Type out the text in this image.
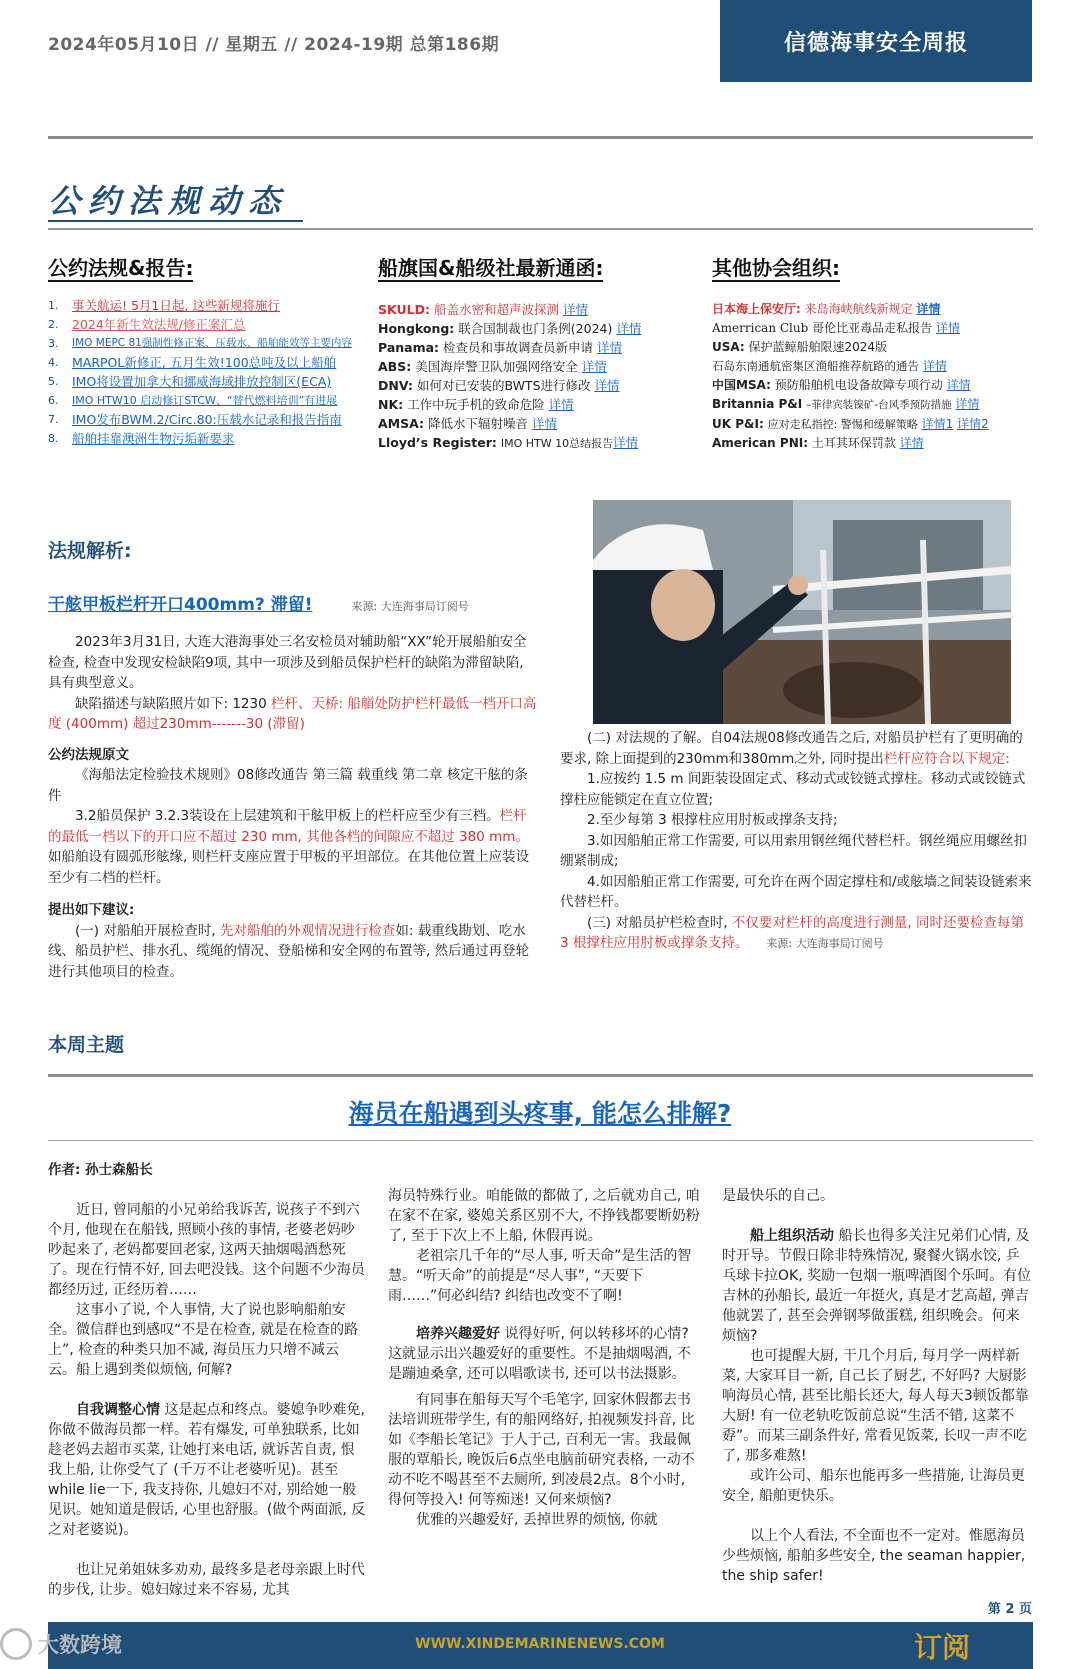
2024年05月10日 // 星期五 // 2024-19期 总第186期	信德海事安全周报
公约法规动态
公约法规&报告:
1.	事关航运! 5月1日起, 这些新规将施行
2.	2024年新生效法规/修正案汇总
3.	IMO MEPC 81强制性修正案、压载水、船舶能效等主要内容
4.	MARPOL新修正, 五月生效!100总吨及以上船舶
5.	IMO将设置加拿大和挪威海域排放控制区(ECA)
6.	IMO HTW10 启动修订STCW、“替代燃料培训”有进展
7.	IMO发布BWM.2/Circ.80:压载水记录和报告指南
8.	船舶挂靠澳洲生物污垢新要求
船旗国&船级社最新通函:
SKULD: 船盖水密和超声波探测 详情
Hongkong: 联合国制裁也门条例(2024) 详情
Panama: 检查员和事故调查员新申请 详情
ABS: 美国海岸警卫队加强网络安全 详情
DNV: 如何对已安装的BWTS进行修改 详情
NK: 工作中玩手机的致命危险 详情
AMSA: 降低水下辐射噪音 详情
Lloyd’s Register: IMO HTW 10总结报告详情
其他协会组织:
日本海上保安厅: 来岛海峡航线新规定 详情
Amerrican Club 哥伦比亚毒品走私报告 详情
USA: 保护蓝鲸船舶限速2024版
石岛东南通航密集区渔船推荐航路的通告 详情
中国MSA: 预防船舶机电设备故障专项行动 详情
Britannia P&I –菲律宾装镍矿-台风季预防措施 详情
UK P&I: 应对走私指控: 警惕和缓解策略 详情1 详情2
American PNI: 土耳其环保罚款 详情
法规解析:
干舷甲板栏杆开口400mm? 滞留!	来源: 大连海事局订阅号

2023年3月31日, 大连大港海事处三名安检员对辅助船“XX”轮开展船舶安全检查, 检查中发现安检缺陷9项, 其中一项涉及到船员保护栏杆的缺陷为滞留缺陷, 具有典型意义。

缺陷描述与缺陷照片如下: 1230 栏杆、天桥: 船艏处防护栏杆最低一档开口高度 (400mm) 超过230mm-------30 (滞留)

公约法规原文

《海船法定检验技术规则》08修改通告 第三篇 载重线 第二章 核定干舷的条件

3.2船员保护 3.2.3装设在上层建筑和干舷甲板上的栏杆应至少有三档。栏杆的最低一档以下的开口应不超过 230 mm, 其他各档的间隙应不超过 380 mm。如船舶设有圆弧形舷缘, 则栏杆支座应置于甲板的平坦部位。在其他位置上应装设至少有二档的栏杆。

提出如下建议:

(一) 对船舶开展检查时, 先对船舶的外观情况进行检查如: 载重线勘划、吃水线、船员护栏、排水孔、缆绳的情况、登船梯和安全网的布置等, 然后通过再登轮进行其他项目的检查。

(二) 对法规的了解。自04法规08修改通告之后, 对船员护栏有了更明确的要求, 除上面提到的230mm和380mm之外, 同时提出栏杆应符合以下规定:

1.应按约 1.5 m 间距装设固定式、移动式或铰链式撑柱。移动式或铰链式撑柱应能锁定在直立位置;

2.至少每第 3 根撑柱应用肘板或撑条支持;

3.如因船舶正常工作需要, 可以用索用钢丝绳代替栏杆。钢丝绳应用螺丝扣绷紧制成;

4.如因船舶正常工作需要, 可允许在两个固定撑柱和/或舷墙之间装设链索来代替栏杆。

(三) 对船员护栏检查时, 不仅要对栏杆的高度进行测量, 同时还要检查每第 3 根撑柱应用肘板或撑条支持。 来源: 大连海事局订阅号

本周主题
海员在船遇到头疼事, 能怎么排解?
作者: 孙士森船长

近日, 曾同船的小兄弟给我诉苦, 说孩子不到六个月, 他现在在船钱, 照顾小孩的事情, 老婆老妈吵吵起来了, 老妈都要回老家, 这两天抽烟喝酒愁死了。现在行情不好, 回去吧没钱。这个问题不少海员都经历过, 正经历着……

这事小了说, 个人事情, 大了说也影响船舶安全。微信群也到感叹“不是在检查, 就是在检查的路上”, 检查的种类只加不减, 海员压力只增不减云云。船上遇到类似烦恼, 何解?

自我调整心情 这是起点和终点。婆媳争吵难免, 你做不做海员都一样。若有爆发, 可单独联系, 比如趁老妈去超市买菜, 让她打来电话, 就诉苦自责, 恨我上船, 让你受气了 (千万不让老婆听见)。甚至while lie一下, 我支持你, 儿媳妇不对, 别给她一般见识。她知道是假话, 心里也舒服。(做个两面派, 反之对老婆说)。

也让兄弟姐妹多劝劝, 最终多是老母亲跟上时代的步伐, 让步。媳妇嫁过来不容易, 尤其

海员特殊行业。咱能做的都做了, 之后就劝自己, 咱在家不在家, 婆媳关系区别不大, 不挣钱都要断奶粉了, 至于下次上不上船, 休假再说。

老祖宗几千年的“尽人事, 听天命”是生活的智慧。“听天命”的前提是“尽人事”, “天要下雨……”何必纠结? 纠结也改变不了啊!

培养兴趣爱好 说得好听, 何以转移坏的心情? 这就显示出兴趣爱好的重要性。不是抽烟喝酒, 不是蹦迪桑拿, 还可以唱歌读书, 还可以书法摄影。

有同事在船每天写个毛笔字, 回家休假都去书法培训班带学生, 有的船网络好, 拍视频发抖音, 比如《李船长笔记》于人于己, 百利无一害。我最佩服的覃船长, 晚饭后6点坐电脑前研究表格, 一动不动不吃不喝甚至不去厕所, 到凌晨2点。8个小时, 得何等投入! 何等痴迷! 又何来烦恼?

优雅的兴趣爱好, 丢掉世界的烦恼, 你就

是最快乐的自己。

船上组织活动 船长也得多关注兄弟们心情, 及时开导。节假日除非特殊情况, 聚餐火锅水饺, 乒乓球卡拉OK, 奖励一包烟一瓶啤酒图个乐呵。有位吉林的孙船长, 最近一年挺火, 真是才艺高超, 弹吉他就罢了, 甚至会弹钢琴做蛋糕, 组织晚会。何来烦恼?

也可提醒大厨, 干几个月后, 每月学一两样新菜, 大家耳目一新, 自己长了厨艺, 不好吗? 大厨影响海员心情, 甚至比船长还大, 每人每天3顿饭都靠大厨! 有一位老轨吃饭前总说“生活不错, 这菜不孬”。而某三副条件好, 常看见饭菜, 长叹一声不吃了, 那多难熬!

或许公司、船东也能再多一些措施, 让海员更安全, 船舶更快乐。

以上个人看法, 不全面也不一定对。惟愿海员少些烦恼, 船舶多些安全, the seaman happier, the ship safer!

第 2 页
大数跨境	WWW.XINDEMARINENEWS.COM	订阅
